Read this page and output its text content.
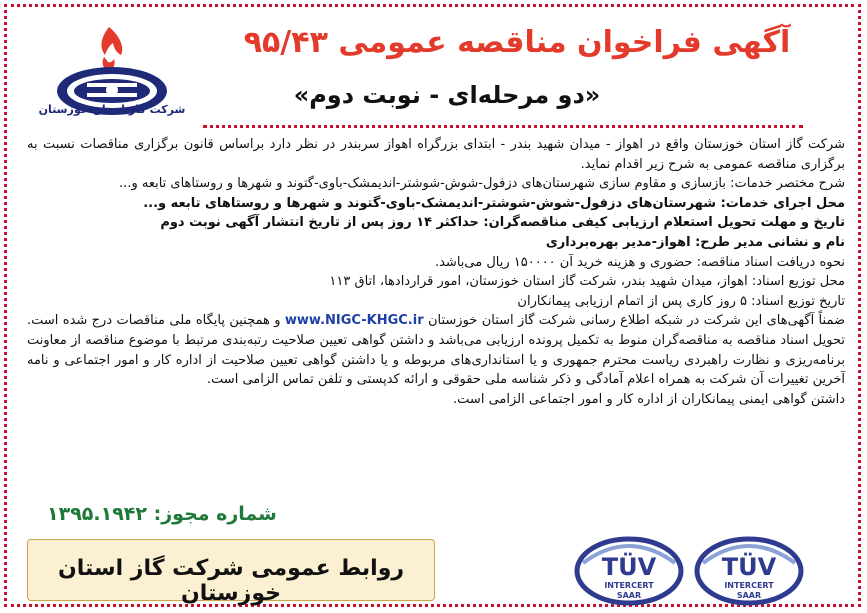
شرکت گاز استان خوزستان
آگهی فراخوان مناقصه عمومی ۹۵/۴۳
«دو مرحله‌ای - نوبت دوم»

شرکت گاز استان خوزستان واقع در اهواز - میدان شهید بندر - ابتدای بزرگراه اهواز سربندر در نظر دارد براساس قانون برگزاری مناقصات نسبت به برگزاری مناقصه عمومی به شرح زیر اقدام نماید.

شرح مختصر خدمات: بازسازی و مقاوم سازی شهرستان‌های دزفول-شوش-شوشتر-اندیمشک-باوی-گتوند و شهرها و روستاهای تابعه و...

محل اجرای خدمات: شهرستان‌های دزفول-شوش-شوشتر-اندیمشک-باوی-گتوند و شهرها و روستاهای تابعه و...

تاریخ و مهلت تحویل استعلام ارزیابی کیفی مناقصه‌گران: حداکثر ۱۴ روز پس از تاریخ انتشار آگهی نوبت دوم

نام و نشانی مدیر طرح: اهواز-مدیر بهره‌برداری

نحوه دریافت اسناد مناقصه: حضوری و هزینه خرید آن ۱۵۰۰۰۰ ریال می‌باشد.

محل توزیع اسناد: اهواز، میدان شهید بندر، شرکت گاز استان خوزستان، امور قراردادها، اتاق ۱۱۳

تاریخ توزیع اسناد: ۵ روز کاری پس از اتمام ارزیابی پیمانکاران

ضمناً آگهی‌های این شرکت در شبکه اطلاع رسانی شرکت گاز استان خوزستان www.NIGC-KHGC.ir و همچنین پایگاه ملی مناقصات درج شده است. تحویل اسناد مناقصه به مناقصه‌گران منوط به تکمیل پرونده ارزیابی می‌باشد و داشتن گواهی تعیین صلاحیت رتبه‌بندی مرتبط با موضوع مناقصه از معاونت برنامه‌ریزی و نظارت راهبردی ریاست محترم جمهوری و یا استانداری‌های مربوطه و یا داشتن گواهی تعیین صلاحیت از اداره کار و امور اجتماعی و نامه آخرین تغییرات آن شرکت به همراه اعلام آمادگی و ذکر شناسه ملی حقوقی و ارائه کدپستی و تلفن تماس الزامی است.

داشتن گواهی ایمنی پیمانکاران از اداره کار و امور اجتماعی الزامی است.

شماره مجوز: ۱۳۹۵.۱۹۴۲
روابط عمومی شرکت گاز استان خوزستان
TÜV
INTERCERT
SAAR
TÜV
INTERCERT
SAAR
